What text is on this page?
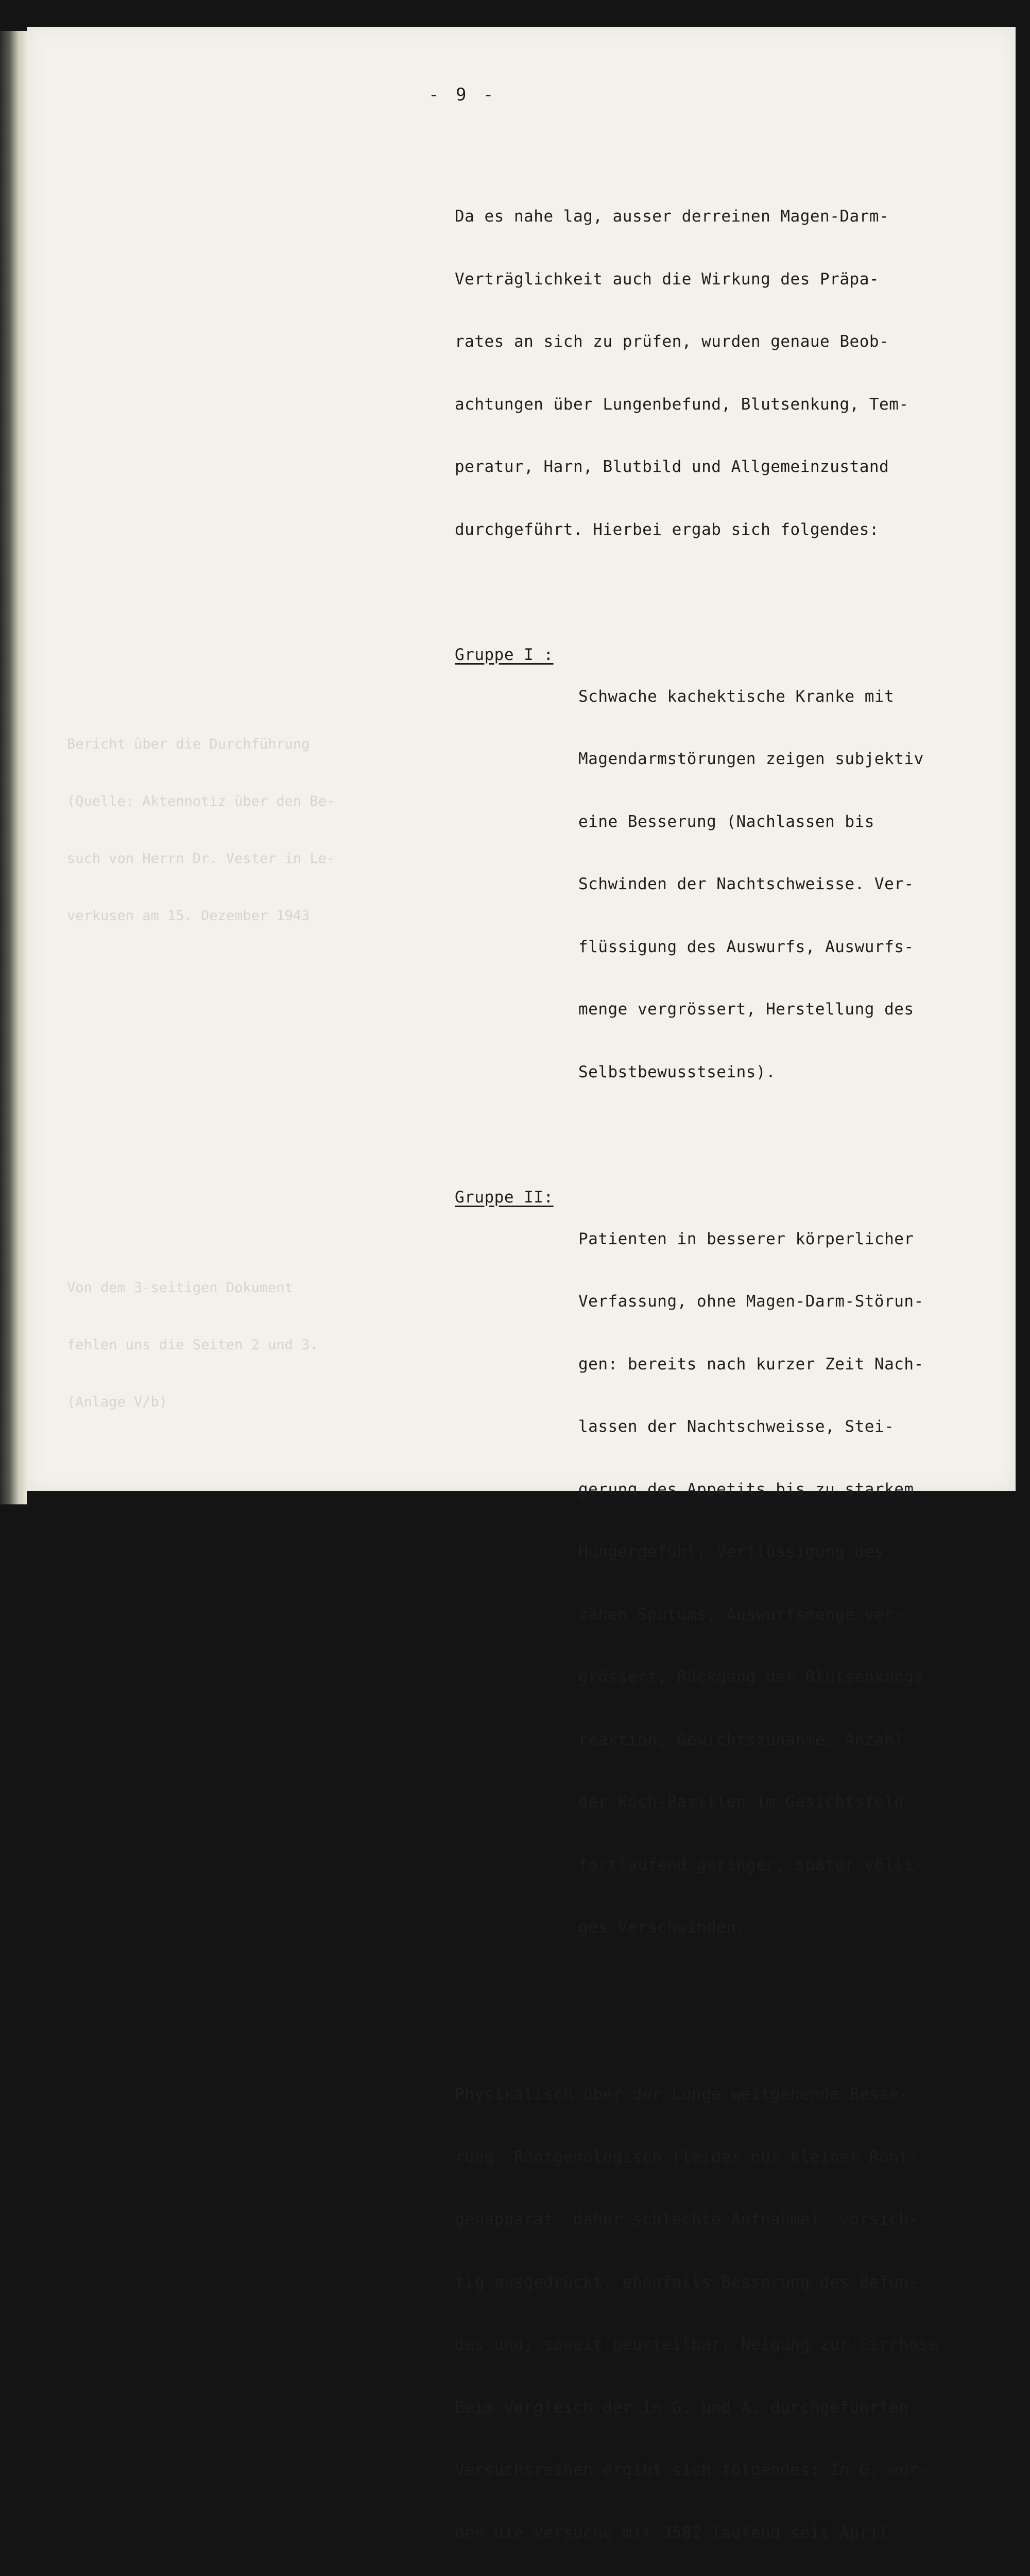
- 9 -

Bericht über die Durchführung

(Quelle: Aktennotiz über den Be-

such von Herrn Dr. Vester in Le-

verkusen am 15. Dezember 1943

Von dem 3-seitigen Dokument

fehlen uns die Seiten 2 und 3.

(Anlage V/b)

Da es nahe lag, ausser derreinen Magen-Darm-

Verträglichkeit auch die Wirkung des Präpa-

rates an sich zu prüfen, wurden genaue Beob-

achtungen über Lungenbefund, Blutsenkung, Tem-

peratur, Harn, Blutbild und Allgemeinzustand

durchgeführt. Hierbei ergab sich folgendes:

Gruppe I :

Schwache kachektische Kranke mit

Magendarmstörungen zeigen subjektiv

eine Besserung (Nachlassen bis

Schwinden der Nachtschweisse. Ver-

flüssigung des Auswurfs, Auswurfs-

menge vergrössert, Herstellung des

Selbstbewusstseins).

Gruppe II:

Patienten in besserer körperlicher

Verfassung, ohne Magen-Darm-Störun-

gen: bereits nach kurzer Zeit Nach-

lassen der Nachtschweisse, Stei-

gerung des Appetits bis zu starkem

Hungergefühl, Verflüssigung des

zähen Sputums, Auswurfsmenge ver-

grössert, Rückgang der Blutsenkungs-

reaktion, Gewichtszunahme, Anzahl

der Koch-Bazillen im Gesichtsfeld

fortlaufend geringer, später völli-

ges Verschwinden.

Physikalisch über der Lunge weitgehende Besse-

rung. Röntgenologisch (leider nur kleiner Rönt-

genapparat, daher schlechte Aufnahme), vorsich-

tig ausgedrückt, ebenfalls Besserung des Befun-

des und, soweit beurteilbar, Neigung zur Cirrhose

Beim Vergleich der in G. und A. durchgeführten

Versuchsreihen ergibt sich folgendes: In G. wur-

den die Versuche mit 3582 laufend seit April
